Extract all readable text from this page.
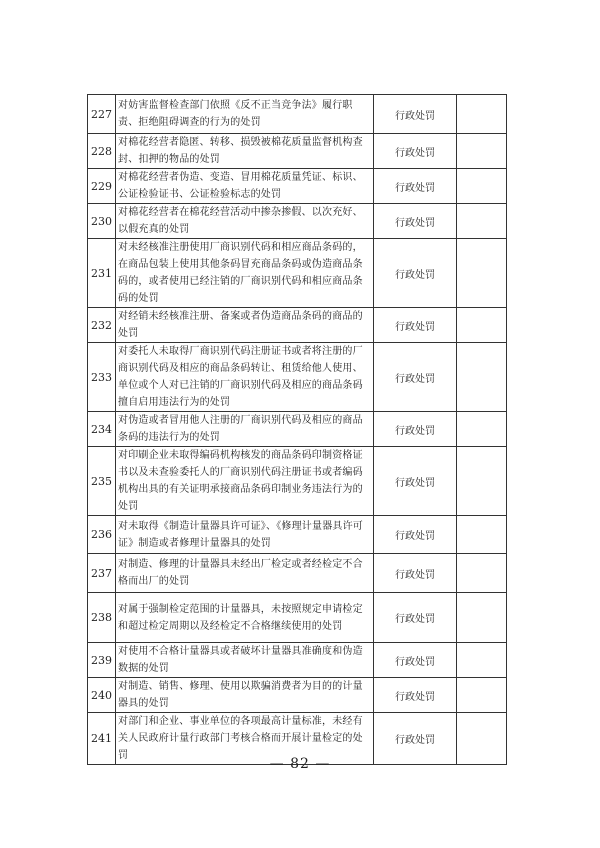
227	对妨害监督检查部门依照《反不正当竞争法》履行职责、拒绝阻碍调查的行为的处罚	行政处罚	
228	对棉花经营者隐匿、转移、损毁被棉花质量监督机构查封、扣押的物品的处罚	行政处罚	
229	对棉花经营者伪造、变造、冒用棉花质量凭证、标识、公证检验证书、公证检验标志的处罚	行政处罚	
230	对棉花经营者在棉花经营活动中掺杂掺假、以次充好、以假充真的处罚	行政处罚	
231	对未经核准注册使用厂商识别代码和相应商品条码的，在商品包装上使用其他条码冒充商品条码或伪造商品条码的，或者使用已经注销的厂商识别代码和相应商品条码的处罚	行政处罚	
232	对经销未经核准注册、备案或者伪造商品条码的商品的处罚	行政处罚	
233	对委托人未取得厂商识别代码注册证书或者将注册的厂商识别代码及相应的商品条码转让、租赁给他人使用、单位或个人对已注销的厂商识别代码及相应的商品条码擅自启用违法行为的处罚	行政处罚	
234	对伪造或者冒用他人注册的厂商识别代码及相应的商品条码的违法行为的处罚	行政处罚	
235	对印刷企业未取得编码机构核发的商品条码印制资格证书以及未查验委托人的厂商识别代码注册证书或者编码机构出具的有关证明承接商品条码印制业务违法行为的处罚	行政处罚	
236	对未取得《制造计量器具许可证》、《修理计量器具许可证》制造或者修理计量器具的处罚	行政处罚	
237	对制造、修理的计量器具未经出厂检定或者经检定不合格而出厂的处罚	行政处罚	
238	对属于强制检定范围的计量器具，未按照规定申请检定和超过检定周期以及经检定不合格继续使用的处罚	行政处罚	
239	对使用不合格计量器具或者破坏计量器具准确度和伪造数据的处罚	行政处罚	
240	对制造、销售、修理、使用以欺骗消费者为目的的计量器具的处罚	行政处罚	
241	对部门和企业、事业单位的各项最高计量标准，未经有关人民政府计量行政部门考核合格而开展计量检定的处罚	行政处罚	
— 82 —
